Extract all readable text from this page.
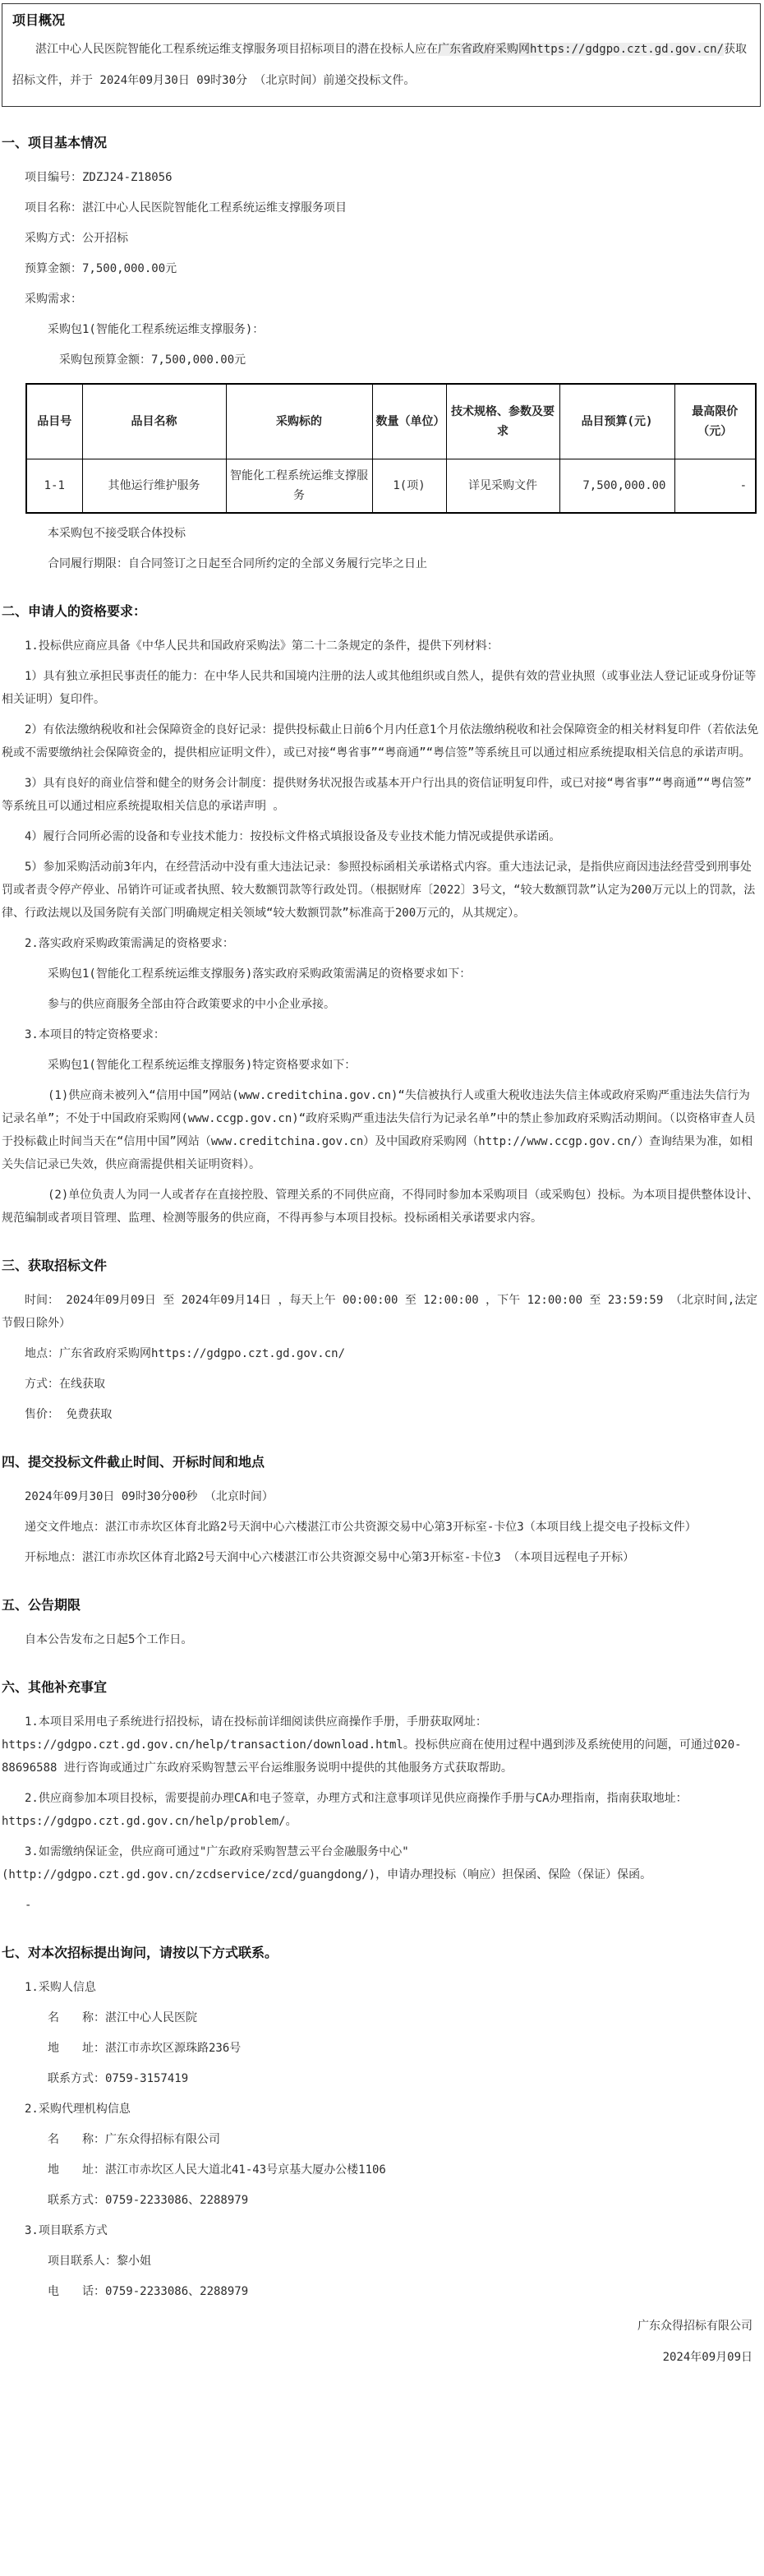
项目概况

湛江中心人民医院智能化工程系统运维支撑服务项目招标项目的潜在投标人应在广东省政府采购网https://gdgpo.czt.gd.gov.cn/获取招标文件，并于 2024年09月30日 09时30分 （北京时间）前递交投标文件。

一、项目基本情况

项目编号：ZDZJ24-Z18056

项目名称：湛江中心人民医院智能化工程系统运维支撑服务项目

采购方式：公开招标

预算金额：7,500,000.00元

采购需求：

采购包1(智能化工程系统运维支撑服务)：

采购包预算金额：7,500,000.00元

品目号	品目名称	采购标的	数量（单位）	技术规格、参数及要求	品目预算(元)	最高限价（元）
1-1	其他运行维护服务	智能化工程系统运维支撑服务	1(项)	详见采购文件	7,500,000.00	-

本采购包不接受联合体投标

合同履行期限：自合同签订之日起至合同所约定的全部义务履行完毕之日止

二、申请人的资格要求：

1.投标供应商应具备《中华人民共和国政府采购法》第二十二条规定的条件，提供下列材料：

1）具有独立承担民事责任的能力：在中华人民共和国境内注册的法人或其他组织或自然人，提供有效的营业执照（或事业法人登记证或身份证等相关证明）复印件。

2）有依法缴纳税收和社会保障资金的良好记录：提供投标截止日前6个月内任意1个月依法缴纳税收和社会保障资金的相关材料复印件（若依法免税或不需要缴纳社会保障资金的，提供相应证明文件），或已对接“粤省事”“粤商通”“粤信签”等系统且可以通过相应系统提取相关信息的承诺声明。

3）具有良好的商业信誉和健全的财务会计制度：提供财务状况报告或基本开户行出具的资信证明复印件，或已对接“粤省事”“粤商通”“粤信签”等系统且可以通过相应系统提取相关信息的承诺声明 。

4）履行合同所必需的设备和专业技术能力：按投标文件格式填报设备及专业技术能力情况或提供承诺函。

5）参加采购活动前3年内，在经营活动中没有重大违法记录：参照投标函相关承诺格式内容。重大违法记录，是指供应商因违法经营受到刑事处罚或者责令停产停业、吊销许可证或者执照、较大数额罚款等行政处罚。（根据财库〔2022〕3号文，“较大数额罚款”认定为200万元以上的罚款，法律、行政法规以及国务院有关部门明确规定相关领域“较大数额罚款”标准高于200万元的，从其规定）。

2.落实政府采购政策需满足的资格要求：

采购包1(智能化工程系统运维支撑服务)落实政府采购政策需满足的资格要求如下：

参与的供应商服务全部由符合政策要求的中小企业承接。

3.本项目的特定资格要求：

采购包1(智能化工程系统运维支撑服务)特定资格要求如下：

(1)供应商未被列入“信用中国”网站(www.creditchina.gov.cn)“失信被执行人或重大税收违法失信主体或政府采购严重违法失信行为记录名单”；不处于中国政府采购网(www.ccgp.gov.cn)“政府采购严重违法失信行为记录名单”中的禁止参加政府采购活动期间。（以资格审查人员于投标截止时间当天在“信用中国”网站（www.creditchina.gov.cn）及中国政府采购网（http://www.ccgp.gov.cn/）查询结果为准，如相关失信记录已失效，供应商需提供相关证明资料）。

(2)单位负责人为同一人或者存在直接控股、管理关系的不同供应商，不得同时参加本采购项目（或采购包）投标。为本项目提供整体设计、规范编制或者项目管理、监理、检测等服务的供应商，不得再参与本项目投标。投标函相关承诺要求内容。

三、获取招标文件

时间： 2024年09月09日 至 2024年09月14日 ，每天上午 00:00:00 至 12:00:00 ，下午 12:00:00 至 23:59:59 （北京时间,法定节假日除外）

地点：广东省政府采购网https://gdgpo.czt.gd.gov.cn/

方式：在线获取

售价： 免费获取

四、提交投标文件截止时间、开标时间和地点

2024年09月30日 09时30分00秒 （北京时间）

递交文件地点：湛江市赤坎区体育北路2号天润中心六楼湛江市公共资源交易中心第3开标室-卡位3（本项目线上提交电子投标文件）

开标地点：湛江市赤坎区体育北路2号天润中心六楼湛江市公共资源交易中心第3开标室-卡位3 （本项目远程电子开标）

五、公告期限

自本公告发布之日起5个工作日。

六、其他补充事宜

1.本项目采用电子系统进行招投标，请在投标前详细阅读供应商操作手册，手册获取网址：https://gdgpo.czt.gd.gov.cn/help/transaction/download.html。投标供应商在使用过程中遇到涉及系统使用的问题，可通过020-88696588 进行咨询或通过广东政府采购智慧云平台运维服务说明中提供的其他服务方式获取帮助。

2.供应商参加本项目投标，需要提前办理CA和电子签章，办理方式和注意事项详见供应商操作手册与CA办理指南，指南获取地址：https://gdgpo.czt.gd.gov.cn/help/problem/。

3.如需缴纳保证金，供应商可通过"广东政府采购智慧云平台金融服务中心"(http://gdgpo.czt.gd.gov.cn/zcdservice/zcd/guangdong/)，申请办理投标（响应）担保函、保险（保证）保函。

-

七、对本次招标提出询问，请按以下方式联系。

1.采购人信息

名　　称：湛江中心人民医院

地　　址：湛江市赤坎区源珠路236号

联系方式：0759-3157419

2.采购代理机构信息

名　　称：广东众得招标有限公司

地　　址：湛江市赤坎区人民大道北41-43号京基大厦办公楼1106

联系方式：0759-2233086、2288979

3.项目联系方式

项目联系人：黎小姐

电　　话：0759-2233086、2288979

广东众得招标有限公司

2024年09月09日
